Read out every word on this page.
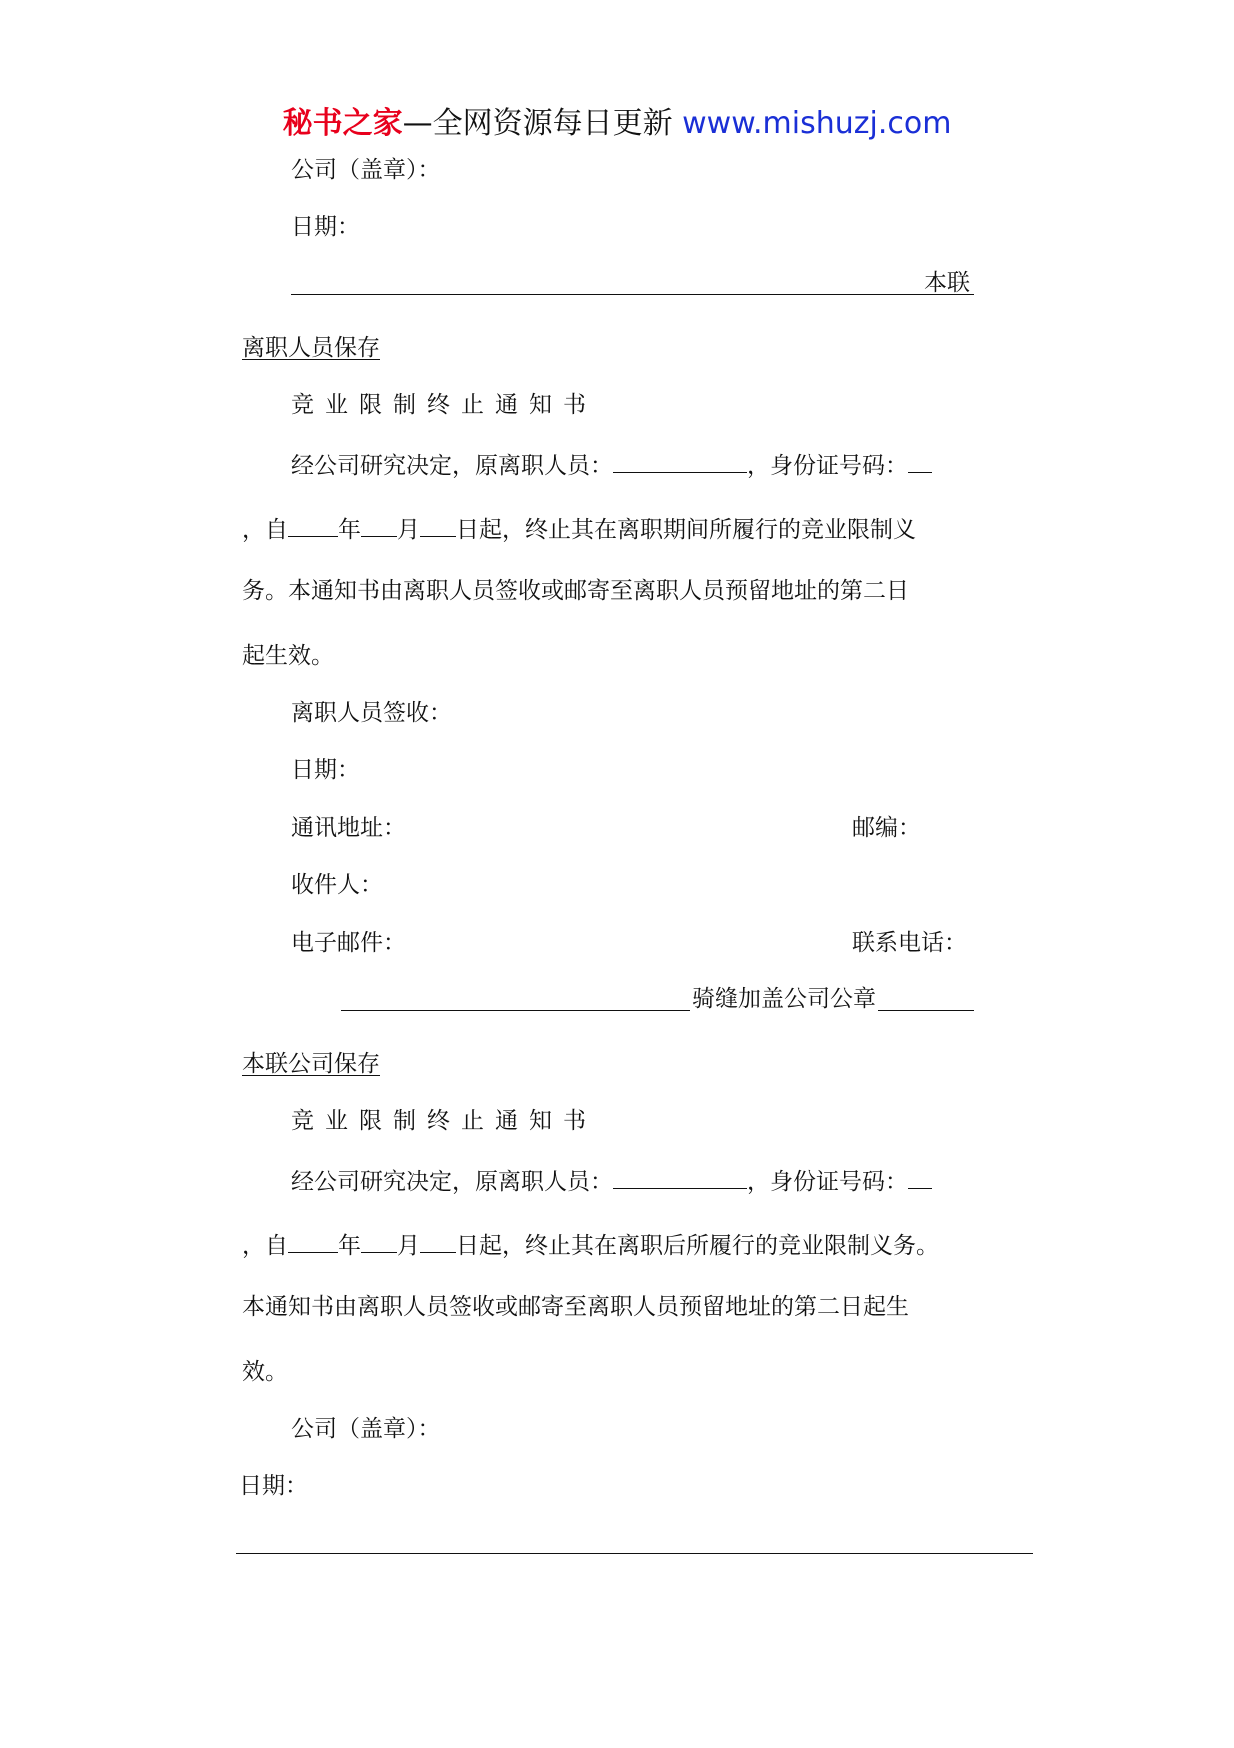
秘书之家—全网资源每日更新 www.mishuzj.com
公司（盖章）：
日期：
本联
离职人员保存
竞业限制终止通知书
经公司研究决定，原离职人员：	，身份证号码：
，自 年 月 日起，终止其在离职期间所履行的竞业限制义
务。本通知书由离职人员签收或邮寄至离职人员预留地址的第二日
起生效。
离职人员签收：
日期：
通讯地址：	邮编：
收件人：
电子邮件：	联系电话：
骑缝加盖公司公章
本联公司保存
竞业限制终止通知书
经公司研究决定，原离职人员：	，身份证号码：
，自 年 月 日起，终止其在离职后所履行的竞业限制义务。
本通知书由离职人员签收或邮寄至离职人员预留地址的第二日起生
效。
公司（盖章）：
日期：
